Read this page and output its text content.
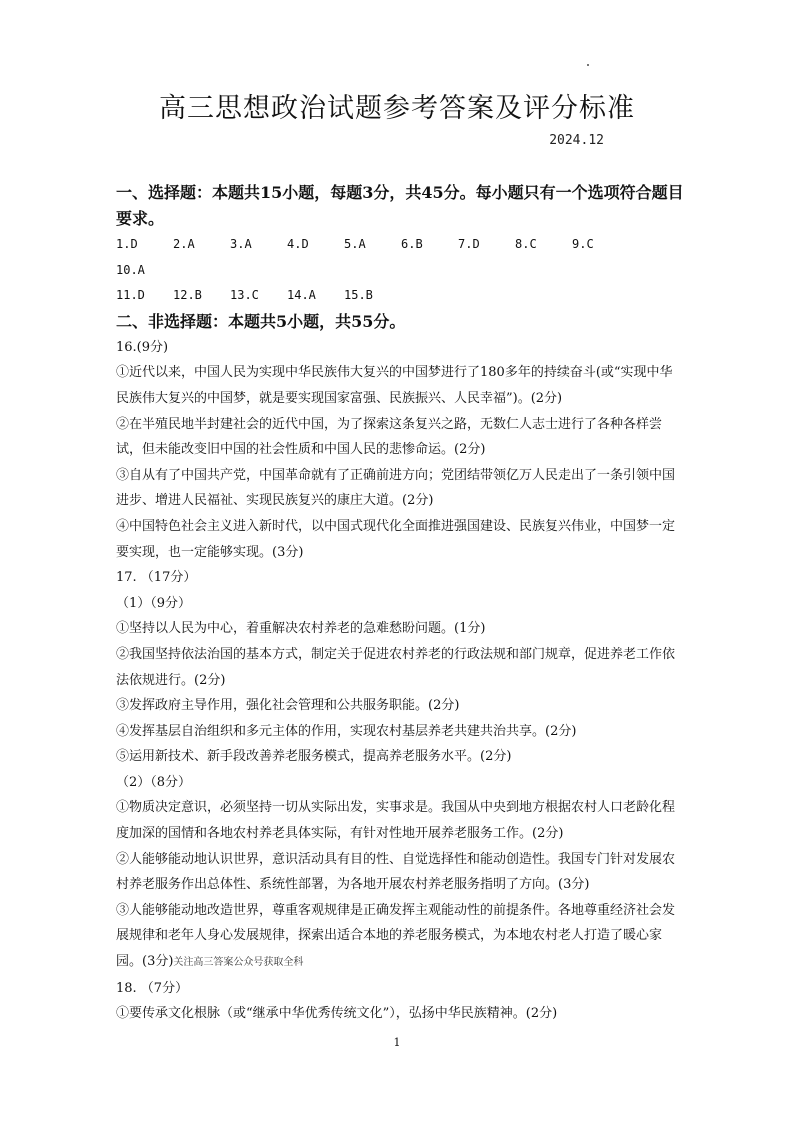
高三思想政治试题参考答案及评分标准
2024.12

一、选择题：本题共15小题，每题3分，共45分。每小题只有一个选项符合题目要求。

1.D	2.A	3.A	4.D	5.A	6.B	7.D	8.C	9.C
10.A
11.D	12.B	13.C	14.A	15.B

二、非选择题：本题共5小题，共55分。

16.(9分)

①近代以来，中国人民为实现中华民族伟大复兴的中国梦进行了180多年的持续奋斗(或“实现中华民族伟大复兴的中国梦，就是要实现国家富强、民族振兴、人民幸福”)。(2分)

②在半殖民地半封建社会的近代中国，为了探索这条复兴之路，无数仁人志士进行了各种各样尝试，但未能改变旧中国的社会性质和中国人民的悲惨命运。(2分)

③自从有了中国共产党，中国革命就有了正确前进方向；党团结带领亿万人民走出了一条引领中国进步、增进人民福祉、实现民族复兴的康庄大道。(2分)

④中国特色社会主义进入新时代，以中国式现代化全面推进强国建设、民族复兴伟业，中国梦一定要实现，也一定能够实现。(3分)

17. （17分）

（1）（9分）

①坚持以人民为中心，着重解决农村养老的急难愁盼问题。(1分)

②我国坚持依法治国的基本方式，制定关于促进农村养老的行政法规和部门规章，促进养老工作依法依规进行。(2分)

③发挥政府主导作用，强化社会管理和公共服务职能。(2分)

④发挥基层自治组织和多元主体的作用，实现农村基层养老共建共治共享。(2分)

⑤运用新技术、新手段改善养老服务模式，提高养老服务水平。(2分)

（2）（8分）

①物质决定意识，必须坚持一切从实际出发，实事求是。我国从中央到地方根据农村人口老龄化程度加深的国情和各地农村养老具体实际，有针对性地开展养老服务工作。(2分)

②人能够能动地认识世界，意识活动具有目的性、自觉选择性和能动创造性。我国专门针对发展农村养老服务作出总体性、系统性部署，为各地开展农村养老服务指明了方向。(3分)

③人能够能动地改造世界，尊重客观规律是正确发挥主观能动性的前提条件。各地尊重经济社会发展规律和老年人身心发展规律，探索出适合本地的养老服务模式，为本地农村老人打造了暖心家园。(3分)关注高三答案公众号获取全科

18. （7分）

①要传承文化根脉（或“继承中华优秀传统文化”），弘扬中华民族精神。(2分)

1
